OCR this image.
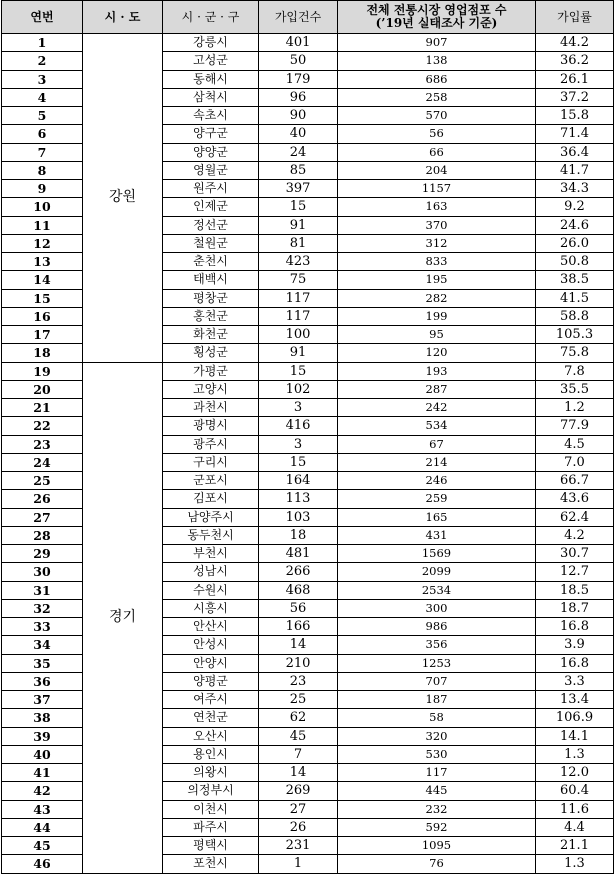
연번	시 · 도	시 · 군 · 구	가입건수	전체 전통시장 영업점포 수
(’19년 실태조사 기준)	가입률
1	강원	강릉시	401	907	44.2
2		고성군	50	138	36.2
3		동해시	179	686	26.1
4		삼척시	96	258	37.2
5		속초시	90	570	15.8
6		양구군	40	56	71.4
7		양양군	24	66	36.4
8		영월군	85	204	41.7
9		원주시	397	1157	34.3
10		인제군	15	163	9.2
11		정선군	91	370	24.6
12		철원군	81	312	26.0
13		춘천시	423	833	50.8
14		태백시	75	195	38.5
15		평창군	117	282	41.5
16		홍천군	117	199	58.8
17		화천군	100	95	105.3
18		횡성군	91	120	75.8
19	경기	가평군	15	193	7.8
20		고양시	102	287	35.5
21		과천시	3	242	1.2
22		광명시	416	534	77.9
23		광주시	3	67	4.5
24		구리시	15	214	7.0
25		군포시	164	246	66.7
26		김포시	113	259	43.6
27		남양주시	103	165	62.4
28		동두천시	18	431	4.2
29		부천시	481	1569	30.7
30		성남시	266	2099	12.7
31		수원시	468	2534	18.5
32		시흥시	56	300	18.7
33		안산시	166	986	16.8
34		안성시	14	356	3.9
35		안양시	210	1253	16.8
36		양평군	23	707	3.3
37		여주시	25	187	13.4
38		연천군	62	58	106.9
39		오산시	45	320	14.1
40		용인시	7	530	1.3
41		의왕시	14	117	12.0
42		의정부시	269	445	60.4
43		이천시	27	232	11.6
44		파주시	26	592	4.4
45		평택시	231	1095	21.1
46		포천시	1	76	1.3
